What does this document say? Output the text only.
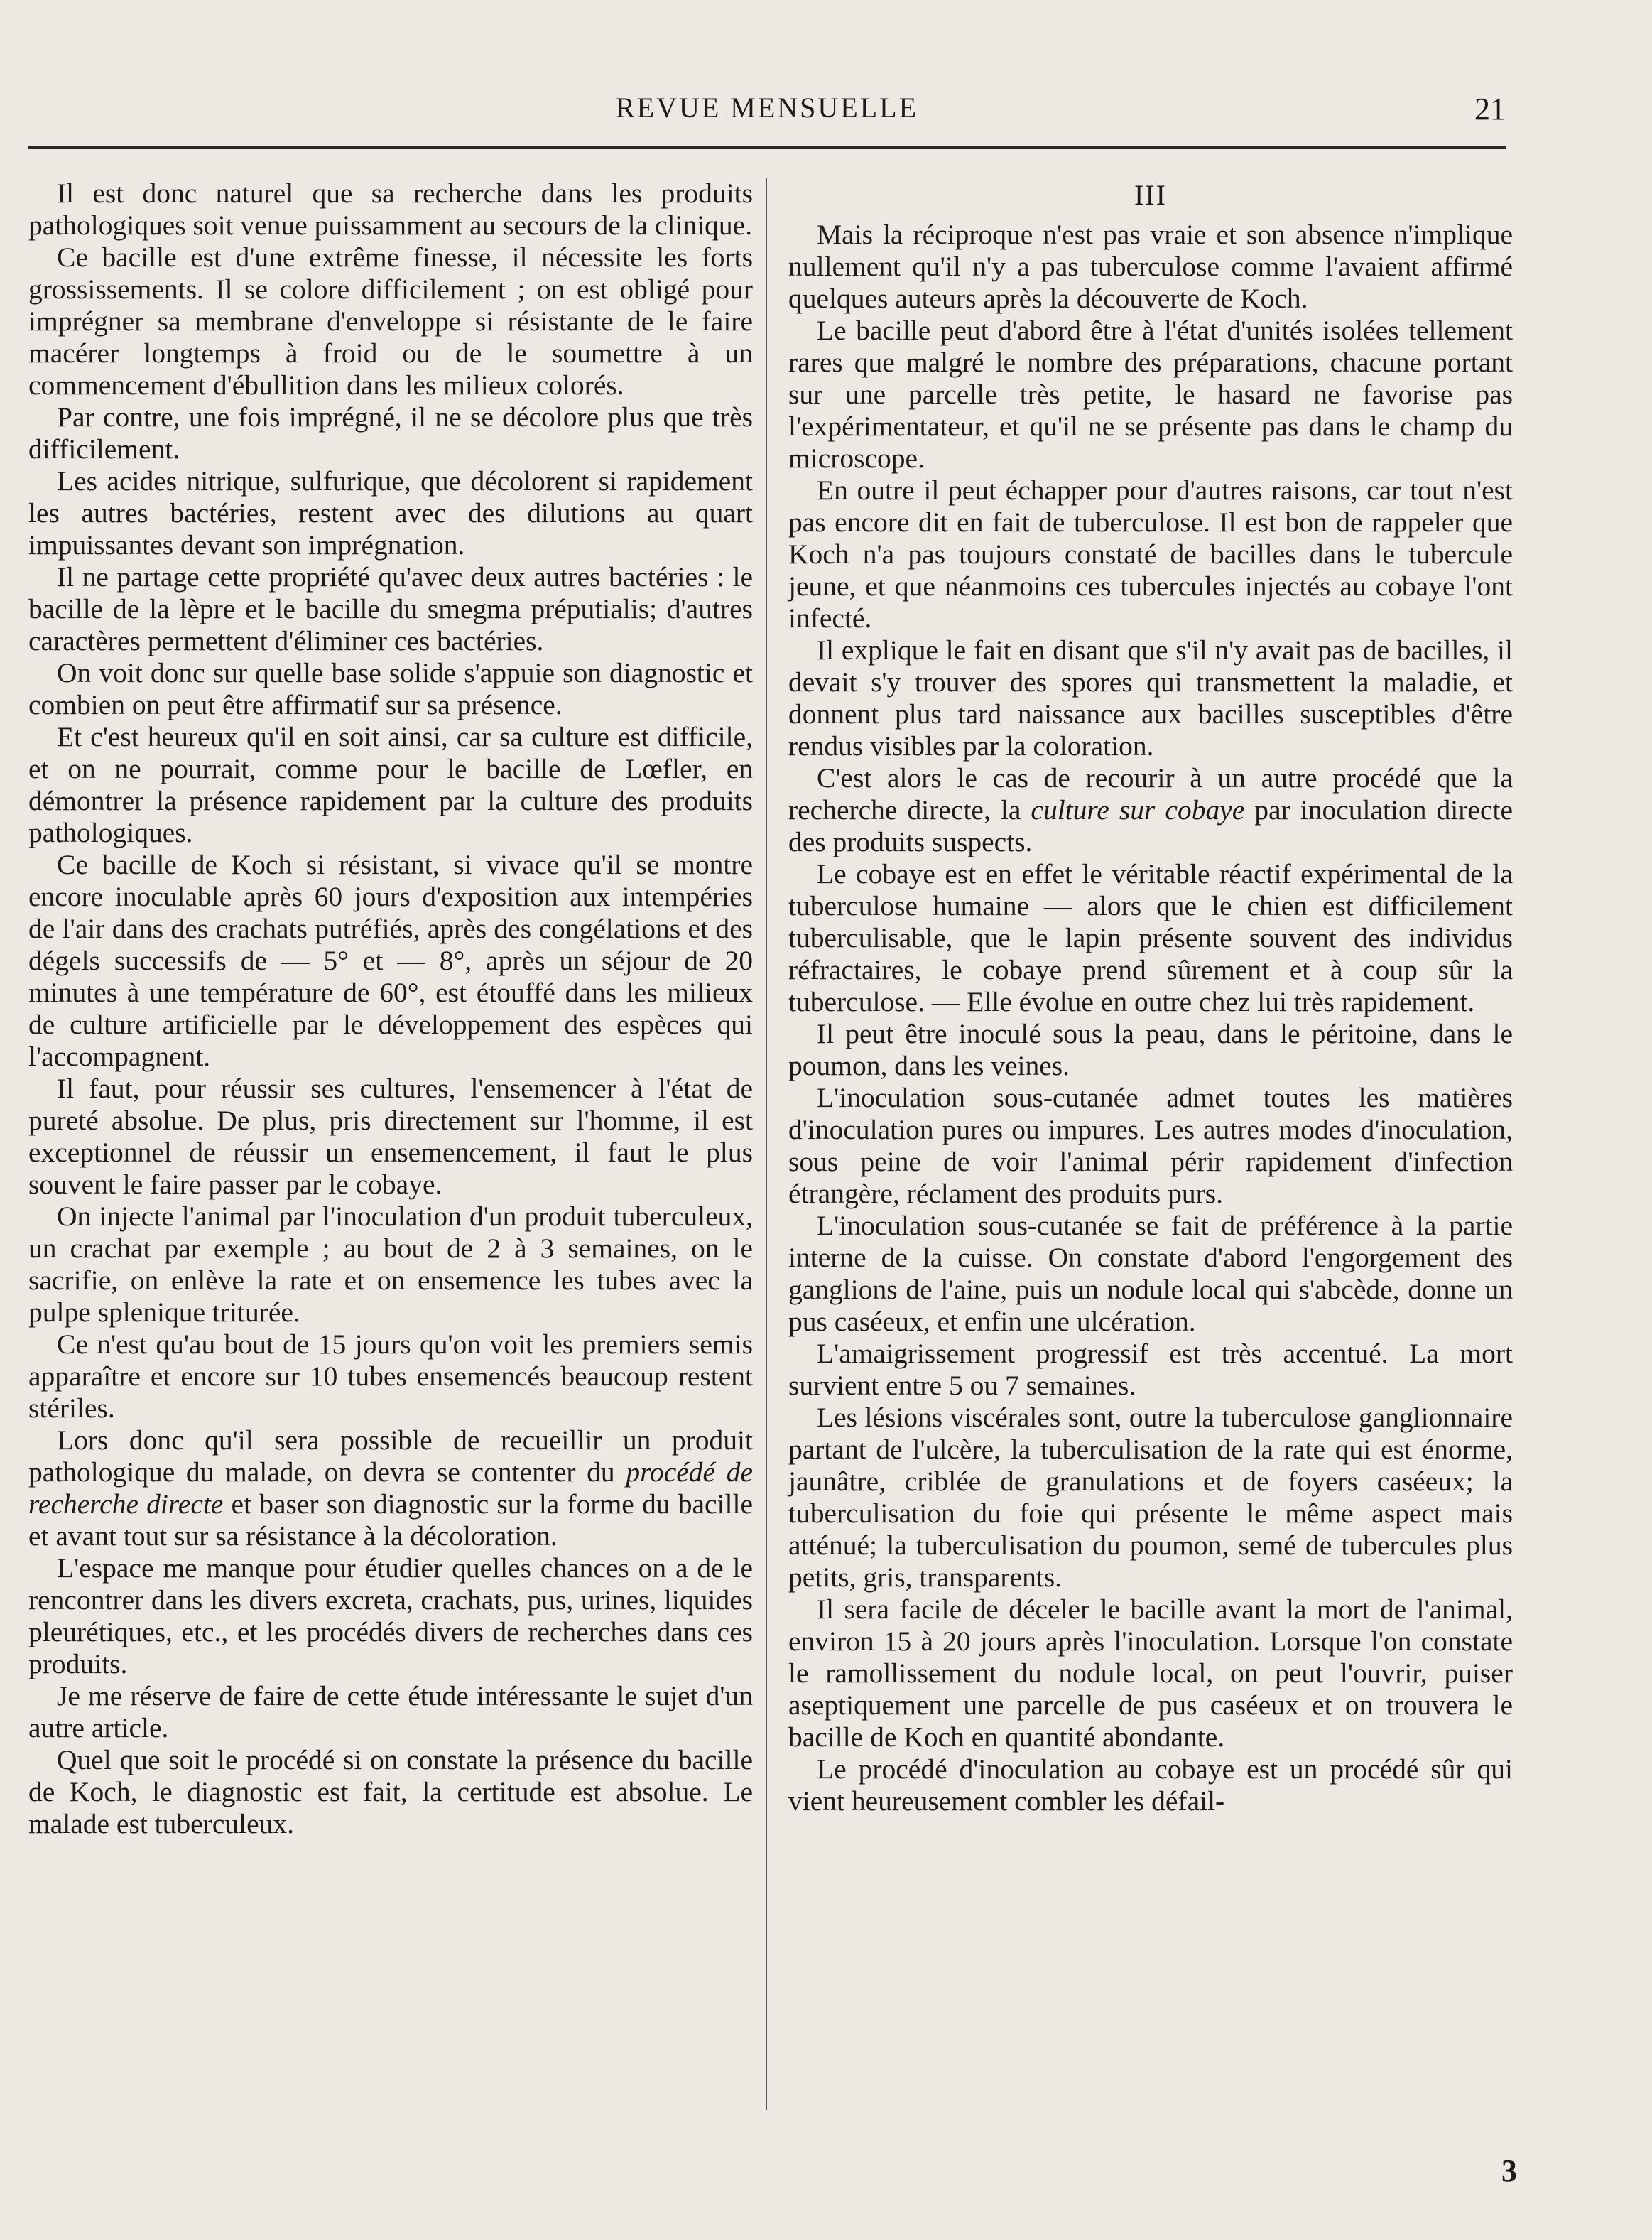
REVUE MENSUELLE	21

Il est donc naturel que sa recherche dans les produits pathologiques soit venue puissamment au secours de la clinique.

Ce bacille est d'une extrême finesse, il nécessite les forts grossissements. Il se colore difficilement ; on est obligé pour imprégner sa membrane d'enveloppe si résistante de le faire macérer longtemps à froid ou de le soumettre à un commencement d'ébullition dans les milieux colorés.

Par contre, une fois imprégné, il ne se décolore plus que très difficilement.

Les acides nitrique, sulfurique, que décolorent si rapidement les autres bactéries, restent avec des dilutions au quart impuissantes devant son imprégnation.

Il ne partage cette propriété qu'avec deux autres bactéries : le bacille de la lèpre et le bacille du smegma préputialis; d'autres caractères permettent d'éliminer ces bactéries.

On voit donc sur quelle base solide s'appuie son diagnostic et combien on peut être affirmatif sur sa présence.

Et c'est heureux qu'il en soit ainsi, car sa culture est difficile, et on ne pourrait, comme pour le bacille de Lœfler, en démontrer la présence rapidement par la culture des produits pathologiques.

Ce bacille de Koch si résistant, si vivace qu'il se montre encore inoculable après 60 jours d'exposition aux intempéries de l'air dans des crachats putréfiés, après des congélations et des dégels successifs de — 5° et — 8°, après un séjour de 20 minutes à une température de 60°, est étouffé dans les milieux de culture artificielle par le développement des espèces qui l'accompagnent.

Il faut, pour réussir ses cultures, l'ensemencer à l'état de pureté absolue. De plus, pris directement sur l'homme, il est exceptionnel de réussir un ensemencement, il faut le plus souvent le faire passer par le cobaye.

On injecte l'animal par l'inoculation d'un produit tuberculeux, un crachat par exemple ; au bout de 2 à 3 semaines, on le sacrifie, on enlève la rate et on ensemence les tubes avec la pulpe splenique triturée.

Ce n'est qu'au bout de 15 jours qu'on voit les premiers semis apparaître et encore sur 10 tubes ensemencés beaucoup restent stériles.

Lors donc qu'il sera possible de recueillir un produit pathologique du malade, on devra se contenter du procédé de recherche directe et baser son diagnostic sur la forme du bacille et avant tout sur sa résistance à la décoloration.

L'espace me manque pour étudier quelles chances on a de le rencontrer dans les divers excreta, crachats, pus, urines, liquides pleurétiques, etc., et les procédés divers de recherches dans ces produits.

Je me réserve de faire de cette étude intéressante le sujet d'un autre article.

Quel que soit le procédé si on constate la présence du bacille de Koch, le diagnostic est fait, la certitude est absolue. Le malade est tuberculeux.

III

Mais la réciproque n'est pas vraie et son absence n'implique nullement qu'il n'y a pas tuberculose comme l'avaient affirmé quelques auteurs après la découverte de Koch.

Le bacille peut d'abord être à l'état d'unités isolées tellement rares que malgré le nombre des préparations, chacune portant sur une parcelle très petite, le hasard ne favorise pas l'expérimentateur, et qu'il ne se présente pas dans le champ du microscope.

En outre il peut échapper pour d'autres raisons, car tout n'est pas encore dit en fait de tuberculose. Il est bon de rappeler que Koch n'a pas toujours constaté de bacilles dans le tubercule jeune, et que néanmoins ces tubercules injectés au cobaye l'ont infecté.

Il explique le fait en disant que s'il n'y avait pas de bacilles, il devait s'y trouver des spores qui transmettent la maladie, et donnent plus tard naissance aux bacilles susceptibles d'être rendus visibles par la coloration.

C'est alors le cas de recourir à un autre procédé que la recherche directe, la culture sur cobaye par inoculation directe des produits suspects.

Le cobaye est en effet le véritable réactif expérimental de la tuberculose humaine — alors que le chien est difficilement tuberculisable, que le lapin présente souvent des individus réfractaires, le cobaye prend sûrement et à coup sûr la tuberculose. — Elle évolue en outre chez lui très rapidement.

Il peut être inoculé sous la peau, dans le péritoine, dans le poumon, dans les veines.

L'inoculation sous-cutanée admet toutes les matières d'inoculation pures ou impures. Les autres modes d'inoculation, sous peine de voir l'animal périr rapidement d'infection étrangère, réclament des produits purs.

L'inoculation sous-cutanée se fait de préférence à la partie interne de la cuisse. On constate d'abord l'engorgement des ganglions de l'aine, puis un nodule local qui s'abcède, donne un pus caséeux, et enfin une ulcération.

L'amaigrissement progressif est très accentué. La mort survient entre 5 ou 7 semaines.

Les lésions viscérales sont, outre la tuberculose ganglionnaire partant de l'ulcère, la tuberculisation de la rate qui est énorme, jaunâtre, criblée de granulations et de foyers caséeux; la tuberculisation du foie qui présente le même aspect mais atténué; la tuberculisation du poumon, semé de tubercules plus petits, gris, transparents.

Il sera facile de déceler le bacille avant la mort de l'animal, environ 15 à 20 jours après l'inoculation. Lorsque l'on constate le ramollissement du nodule local, on peut l'ouvrir, puiser aseptiquement une parcelle de pus caséeux et on trouvera le bacille de Koch en quantité abondante.

Le procédé d'inoculation au cobaye est un procédé sûr qui vient heureusement combler les défail-

3
